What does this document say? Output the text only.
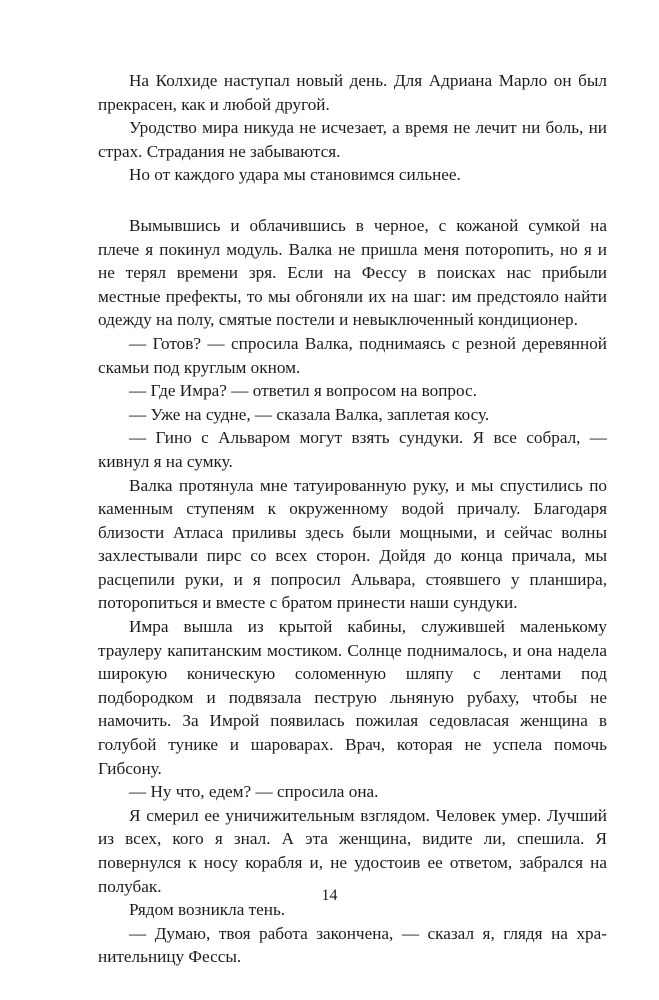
На Колхиде наступал новый день. Для Адриана Марло он был прекрасен, как и любой другой.

Уродство мира никуда не исчезает, а время не лечит ни боль, ни страх. Страдания не забываются.

Но от каждого удара мы становимся сильнее.

Вымывшись и облачившись в черное, с кожаной сумкой на плече я покинул модуль. Валка не пришла меня поторопить, но я и не терял времени зря. Если на Фессу в поисках нас прибыли местные префекты, то мы обгоняли их на шаг: им предстояло найти одежду на полу, смятые постели и невыключенный кондиционер.

— Готов? — спросила Валка, поднимаясь с резной деревянной скамьи под круглым окном.

— Где Имра? — ответил я вопросом на вопрос.

— Уже на судне, — сказала Валка, заплетая косу.

— Гино с Альваром могут взять сундуки. Я все собрал, — кивнул я на сумку.

Валка протянула мне татуированную руку, и мы спустились по каменным ступеням к окруженному водой причалу. Благодаря близости Атласа приливы здесь были мощными, и сейчас волны захлестывали пирс со всех сторон. Дойдя до конца причала, мы расцепили руки, и я попросил Альвара, стоявшего у планшира, поторопиться и вместе с братом принести наши сундуки.

Имра вышла из крытой кабины, служившей маленькому траулеру капитанским мостиком. Солнце поднималось, и она надела широкую коническую соломенную шляпу с лентами под подбородком и подвязала пеструю льняную рубаху, чтобы не намочить. За Имрой появилась пожилая седовласая женщина в голубой тунике и шароварах. Врач, которая не успела помочь Гибсону.

— Ну что, едем? — спросила она.

Я смерил ее уничижительным взглядом. Человек умер. Лучший из всех, кого я знал. А эта женщина, видите ли, спешила. Я повернулся к носу корабля и, не удостоив ее ответом, забрался на полубак.

Рядом возникла тень.

— Думаю, твоя работа закончена, — сказал я, глядя на хранительницу Фессы.

14
